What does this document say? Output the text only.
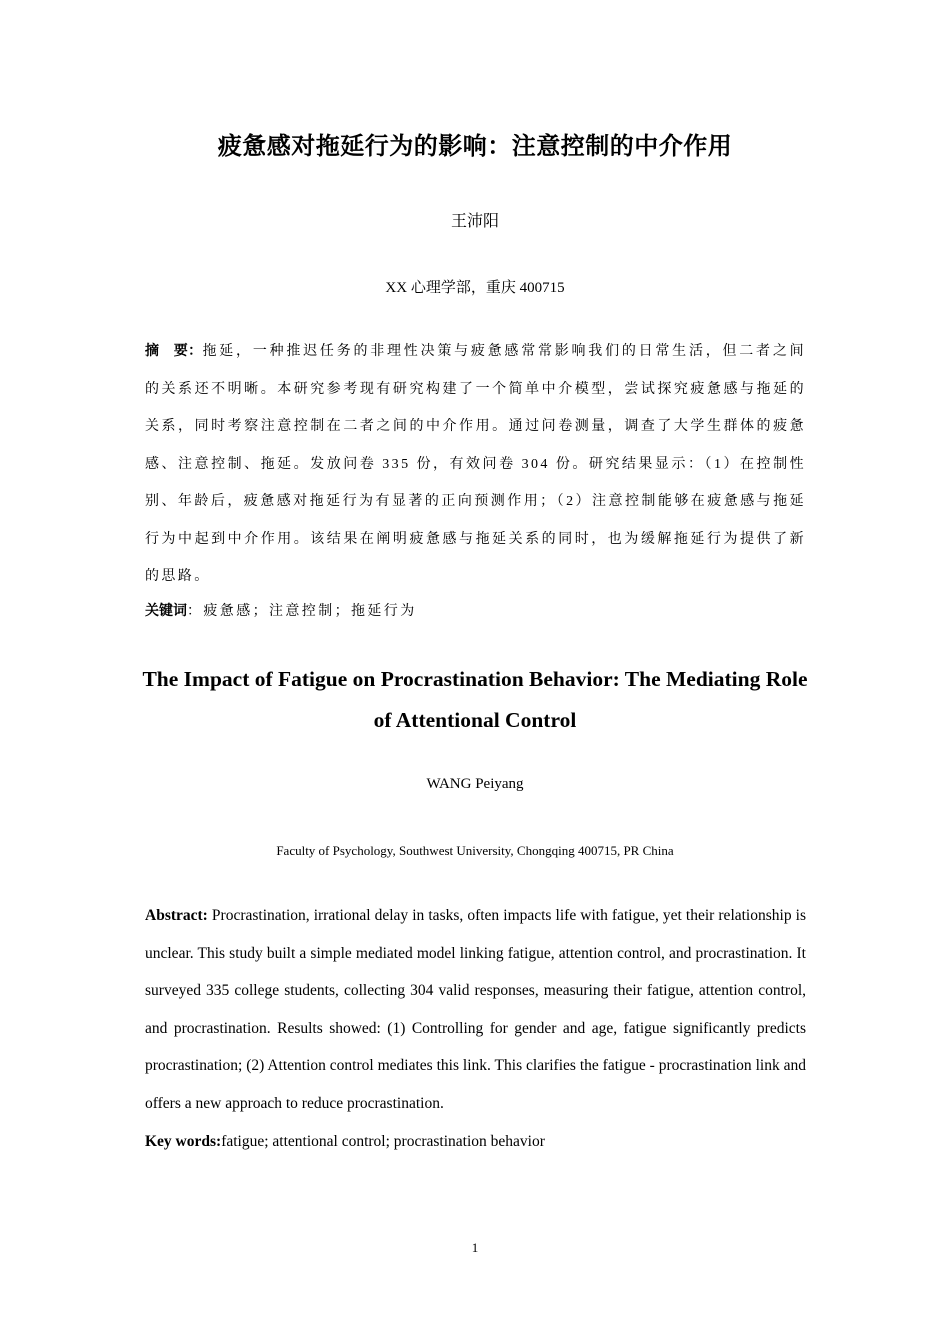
疲惫感对拖延行为的影响：注意控制的中介作用
王沛阳
XX 心理学部，重庆 400715
摘　要：拖延，一种推迟任务的非理性决策与疲惫感常常影响我们的日常生活，但二者之间的关系还不明晰。本研究参考现有研究构建了一个简单中介模型，尝试探究疲惫感与拖延的关系，同时考察注意控制在二者之间的中介作用。通过问卷测量，调查了大学生群体的疲惫感、注意控制、拖延。发放问卷 335 份，有效问卷 304 份。研究结果显示：（1）在控制性别、年龄后，疲惫感对拖延行为有显著的正向预测作用；（2）注意控制能够在疲惫感与拖延行为中起到中介作用。该结果在阐明疲惫感与拖延关系的同时，也为缓解拖延行为提供了新的思路。
关键词：疲惫感；注意控制；拖延行为
The Impact of Fatigue on Procrastination Behavior: The Mediating Role of Attentional Control
WANG Peiyang
Faculty of Psychology, Southwest University, Chongqing 400715, PR China
Abstract: Procrastination, irrational delay in tasks, often impacts life with fatigue, yet their relationship is unclear. This study built a simple mediated model linking fatigue, attention control, and procrastination. It surveyed 335 college students, collecting 304 valid responses, measuring their fatigue, attention control, and procrastination. Results showed: (1) Controlling for gender and age, fatigue significantly predicts procrastination; (2) Attention control mediates this link. This clarifies the fatigue - procrastination link and offers a new approach to reduce procrastination.
Key words:fatigue; attentional control; procrastination behavior
1
